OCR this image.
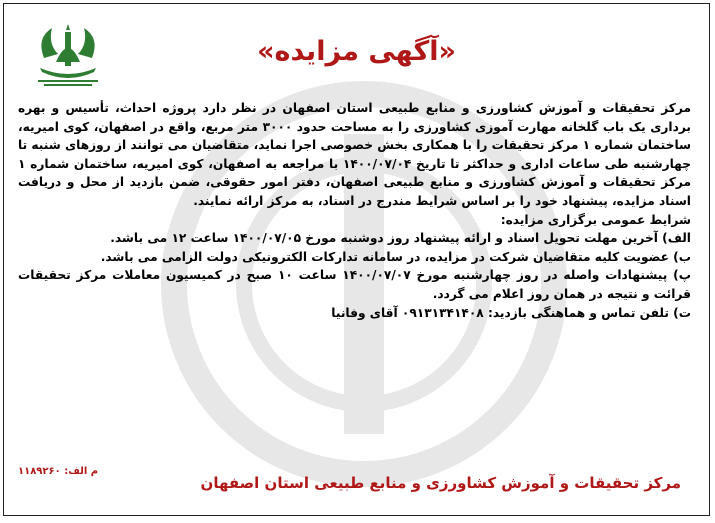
«آگهی مزایده»

مرکز تحقیقات و آموزش کشاورزی و منابع طبیعی استان اصفهان در نظر دارد پروژه احداث، تأسیس و بهره برداری یک باب گلخانه مهارت آموزی کشاورزی را به مساحت حدود ۳۰۰۰ متر مربع، واقع در اصفهان، کوی امیریه، ساختمان شماره ۱ مرکز تحقیقات را با همکاری بخش خصوصی اجرا نماید، متقاضیان می توانند از روزهای شنبه تا چهارشنبه طی ساعات اداری و حداکثر تا تاریخ ۱۴۰۰/۰۷/۰۴ با مراجعه به اصفهان، کوی امیریه، ساختمان شماره ۱ مرکز تحقیقات و آموزش کشاورزی و منابع طبیعی اصفهان، دفتر امور حقوقی، ضمن بازدید از محل و دریافت اسناد مزایده، پیشنهاد خود را بر اساس شرایط مندرج در اسناد، به مرکز ارائه نمایند.

شرایط عمومی برگزاری مزایده:

الف) آخرین مهلت تحویل اسناد و ارائه پیشنهاد روز دوشنبه مورخ ۱۴۰۰/۰۷/۰۵ ساعت ۱۲ می باشد.

ب) عضویت کلیه متقاضیان شرکت در مزایده، در سامانه تدارکات الکترونیکی دولت الزامی می باشد.

پ) پیشنهادات واصله در روز چهارشنبه مورخ ۱۴۰۰/۰۷/۰۷ ساعت ۱۰ صبح در کمیسیون معاملات مرکز تحقیقات قرائت و نتیجه در همان روز اعلام می گردد.

ت) تلفن تماس و هماهنگی بازدید: ۰۹۱۳۱۳۴۱۴۰۸ آقای وفانیا

م الف: ۱۱۸۹۲۶۰
مرکز تحقیقات و آموزش کشاورزی و منابع طبیعی استان اصفهان
